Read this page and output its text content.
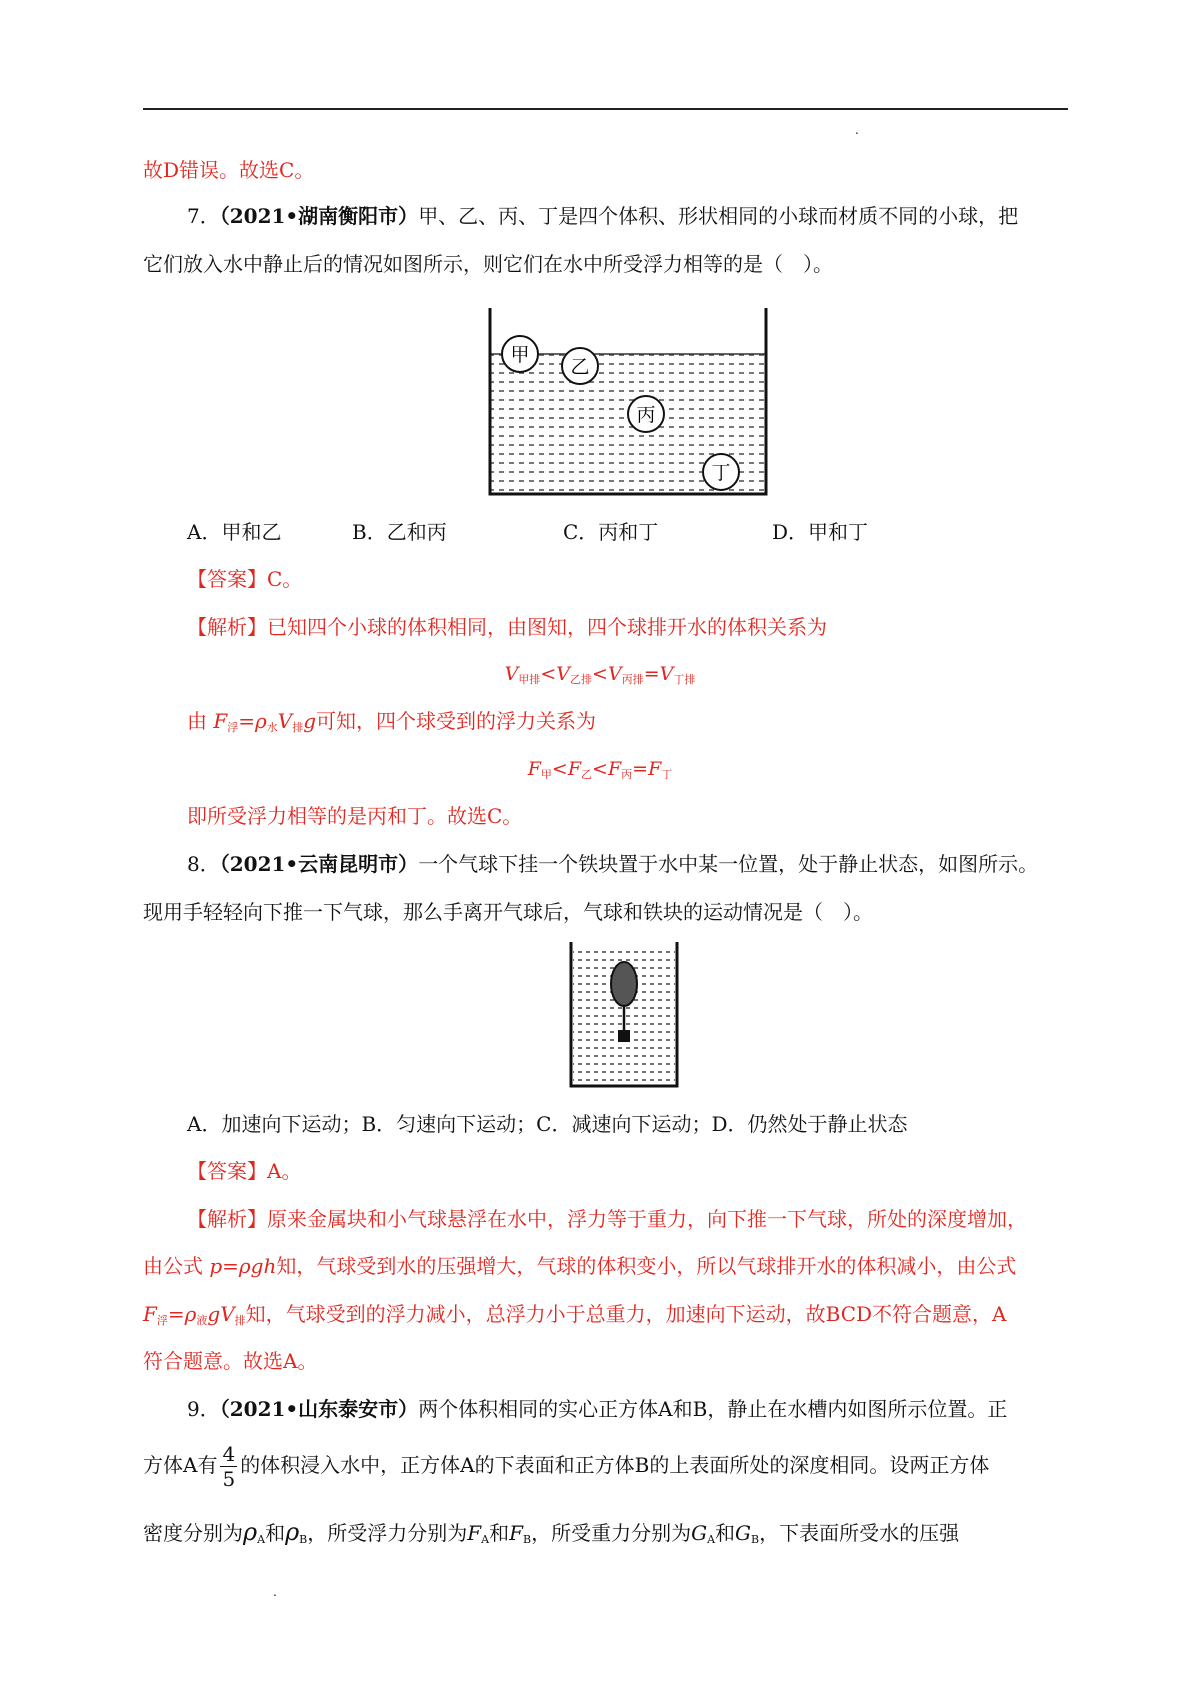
.
故D错误。故选C。
7．（2021•湖南衡阳市）甲、乙、丙、丁是四个体积、形状相同的小球而材质不同的小球，把
它们放入水中静止后的情况如图所示，则它们在水中所受浮力相等的是（　）。
甲
乙
丙
丁
A．甲和乙	B．乙和丙	C．丙和丁	D．甲和丁
【答案】C。
【解析】已知四个小球的体积相同，由图知，四个球排开水的体积关系为
$V_{甲排}<V_{乙排}<V_{丙排}=V_{丁排}$
由 $F_浮=\rho_水V_排g$可知，四个球受到的浮力关系为
$F_甲<F_乙<F_丙=F_丁$
即所受浮力相等的是丙和丁。故选C。
8．（2021•云南昆明市）一个气球下挂一个铁块置于水中某一位置，处于静止状态，如图所示。
现用手轻轻向下推一下气球，那么手离开气球后，气球和铁块的运动情况是（　）。
A．加速向下运动；B．匀速向下运动；C．减速向下运动；D．仍然处于静止状态
【答案】A。
【解析】原来金属块和小气球悬浮在水中，浮力等于重力，向下推一下气球，所处的深度增加，
由公式 p=ρgh知，气球受到水的压强增大，气球的体积变小，所以气球排开水的体积减小，由公式
$F_浮=\rho_液gV_排$知，气球受到的浮力减小，总浮力小于总重力，加速向下运动，故BCD不符合题意，A
符合题意。故选A。
9．（2021•山东泰安市）两个体积相同的实心正方体A和B，静止在水槽内如图所示位置。正
方体A有 $\frac{4}{5}$ 的体积浸入水中，正方体A的下表面和正方体B的上表面所处的深度相同。设两正方体
密度分别为$\rho_A$和$\rho_B$，所受浮力分别为$F_A$和$F_B$，所受重力分别为$G_A$和$G_B$，下表面所受水的压强
.
